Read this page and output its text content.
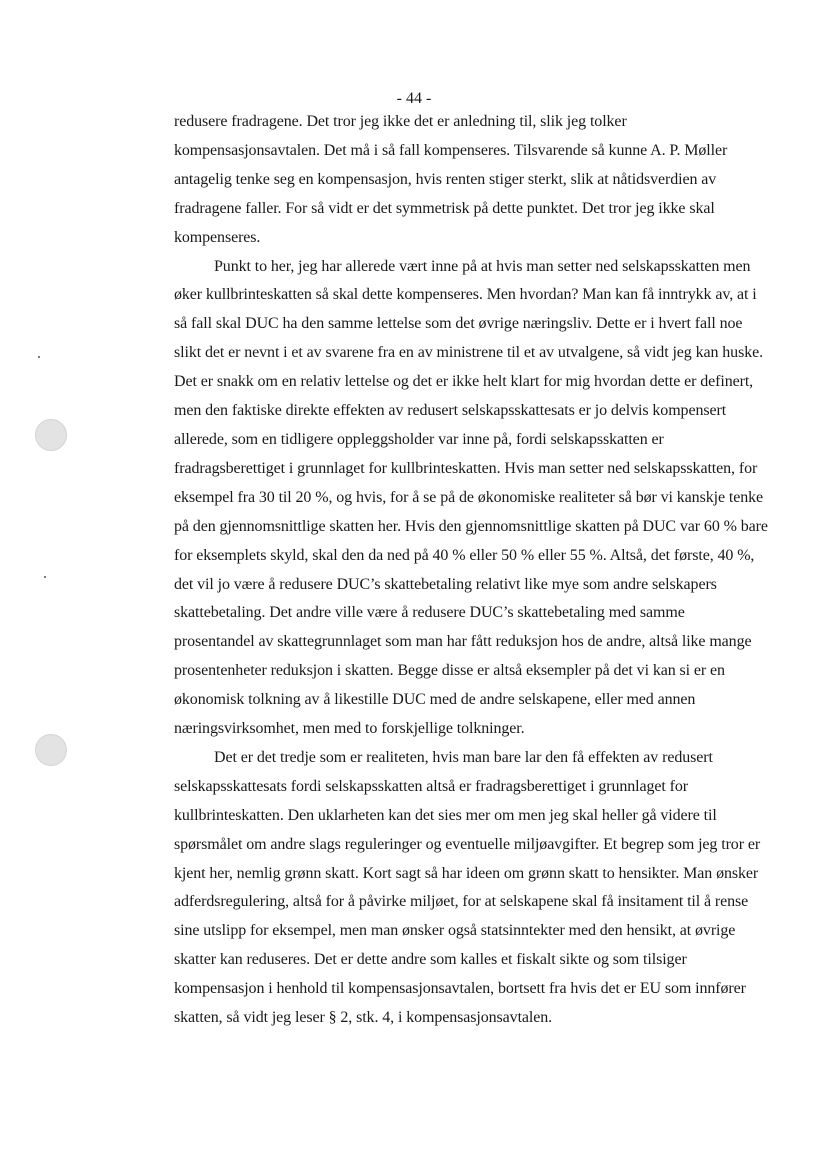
- 44 -

redusere fradragene. Det tror jeg ikke det er anledning til, slik jeg tolker kompensasjonsavtalen. Det må i så fall kompenseres. Tilsvarende så kunne A. P. Møller antagelig tenke seg en kompensasjon, hvis renten stiger sterkt, slik at nåtidsverdien av fradragene faller. For så vidt er det symmetrisk på dette punktet. Det tror jeg ikke skal kompenseres.

Punkt to her, jeg har allerede vært inne på at hvis man setter ned selskapsskatten men øker kullbrinteskatten så skal dette kompenseres. Men hvordan? Man kan få inntrykk av, at i så fall skal DUC ha den samme lettelse som det øvrige næringsliv. Dette er i hvert fall noe slikt det er nevnt i et av svarene fra en av ministrene til et av utvalgene, så vidt jeg kan huske. Det er snakk om en relativ lettelse og det er ikke helt klart for mig hvordan dette er definert, men den faktiske direkte effekten av redusert selskapsskattesats er jo delvis kompensert allerede, som en tidligere oppleggsholder var inne på, fordi selskapsskatten er fradragsberettiget i grunnlaget for kullbrinteskatten. Hvis man setter ned selskapsskatten, for eksempel fra 30 til 20 %, og hvis, for å se på de økonomiske realiteter så bør vi kanskje tenke på den gjennomsnittlige skatten her. Hvis den gjennomsnittlige skatten på DUC var 60 % bare for eksemplets skyld, skal den da ned på 40 % eller 50 % eller 55 %. Altså, det første, 40 %, det vil jo være å redusere DUC’s skattebetaling relativt like mye som andre selskapers skattebetaling. Det andre ville være å redusere DUC’s skattebetaling med samme prosentandel av skattegrunnlaget som man har fått reduksjon hos de andre, altså like mange prosentenheter reduksjon i skatten. Begge disse er altså eksempler på det vi kan si er en økonomisk tolkning av å likestille DUC med de andre selskapene, eller med annen næringsvirksomhet, men med to forskjellige tolkninger.

Det er det tredje som er realiteten, hvis man bare lar den få effekten av redusert selskapsskattesats fordi selskapsskatten altså er fradragsberettiget i grunnlaget for kullbrinteskatten. Den uklarheten kan det sies mer om men jeg skal heller gå videre til spørsmålet om andre slags reguleringer og eventuelle miljøavgifter. Et begrep som jeg tror er kjent her, nemlig grønn skatt. Kort sagt så har ideen om grønn skatt to hensikter. Man ønsker adferdsregulering, altså for å påvirke miljøet, for at selskapene skal få insitament til å rense sine utslipp for eksempel, men man ønsker også statsinntekter med den hensikt, at øvrige skatter kan reduseres. Det er dette andre som kalles et fiskalt sikte og som tilsiger kompensasjon i henhold til kompensasjonsavtalen, bortsett fra hvis det er EU som innfører skatten, så vidt jeg leser § 2, stk. 4, i kompensasjonsavtalen.
